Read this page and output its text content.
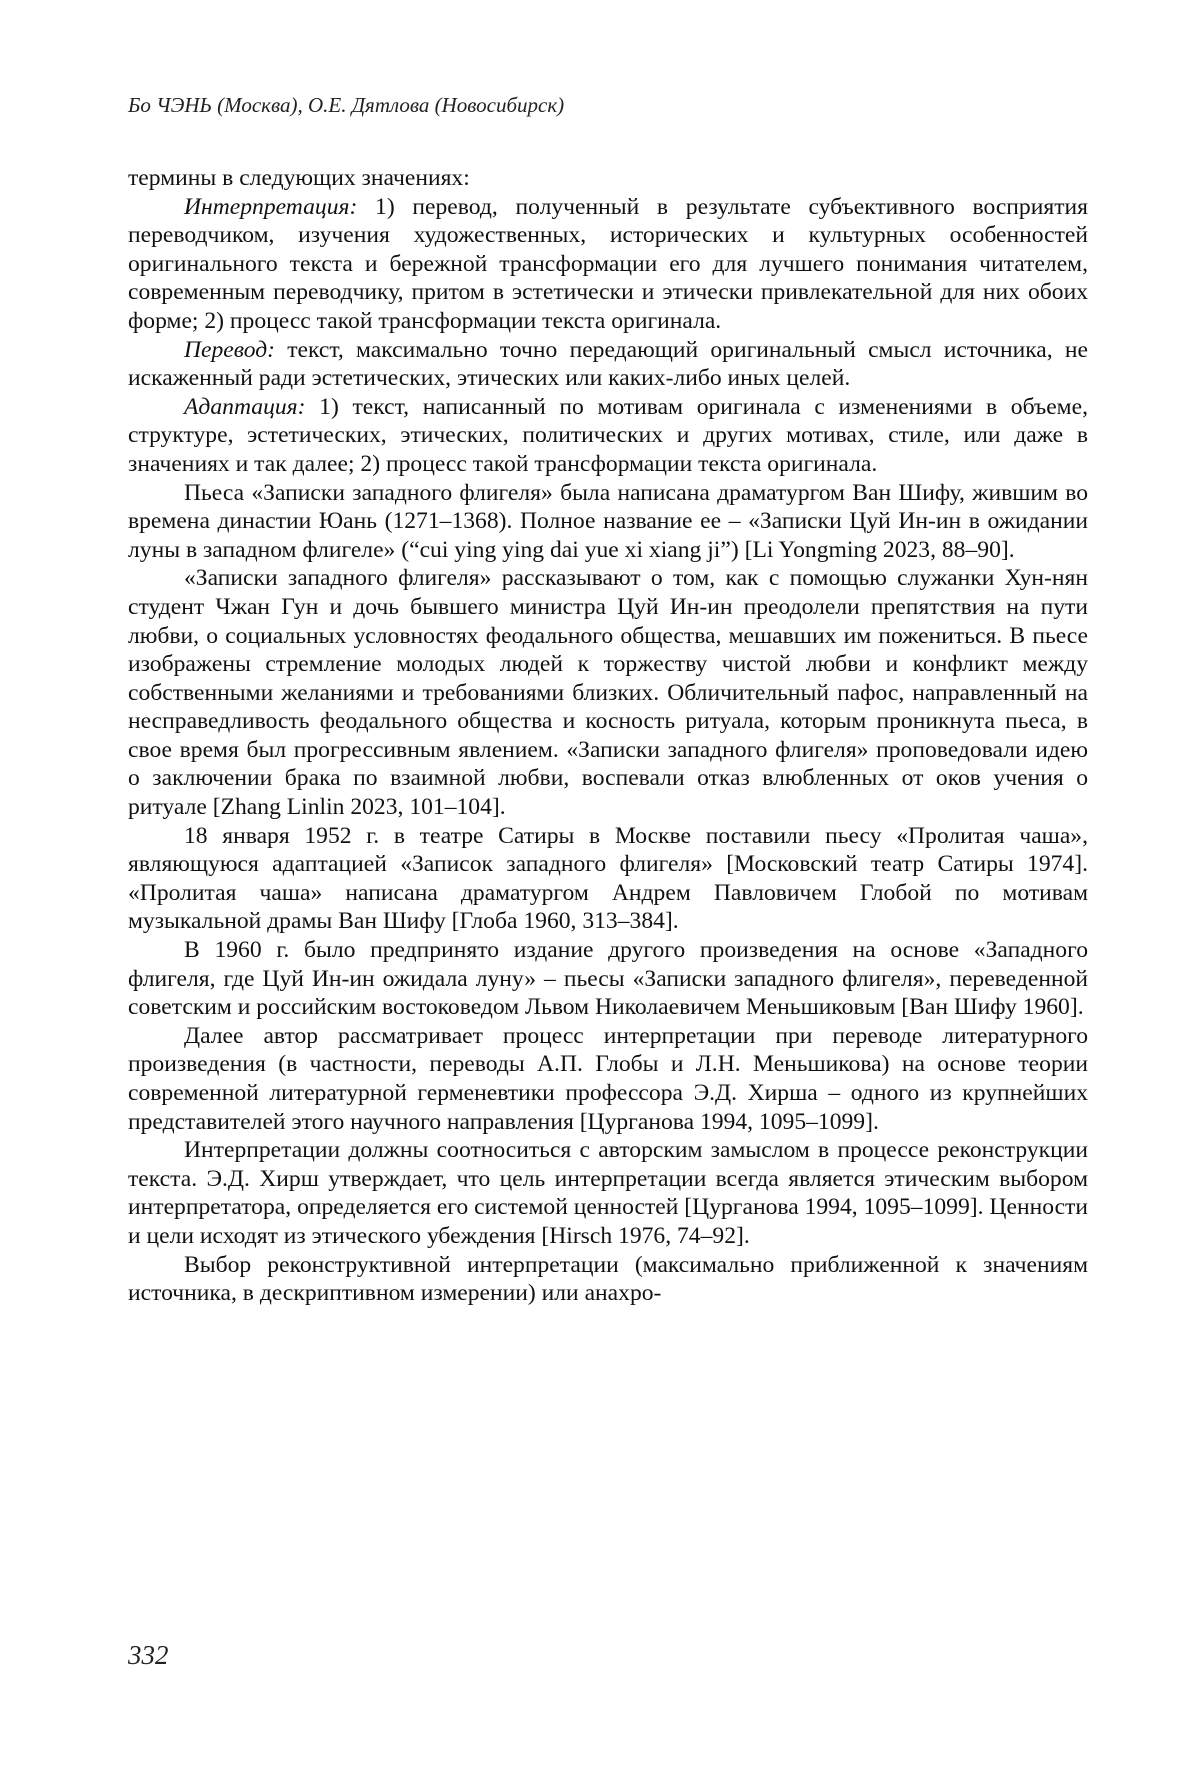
Бо ЧЭНЬ (Москва), О.Е. Дятлова (Новосибирск)

термины в следующих значениях:

Интерпретация: 1) перевод, полученный в результате субъективного восприятия переводчиком, изучения художественных, исторических и культурных особенностей оригинального текста и бережной трансформации его для лучшего понимания читателем, современным переводчику, притом в эстетически и этически привлекательной для них обоих форме; 2) процесс такой трансформации текста оригинала.

Перевод: текст, максимально точно передающий оригинальный смысл источника, не искаженный ради эстетических, этических или каких-либо иных целей.

Адаптация: 1) текст, написанный по мотивам оригинала с изменениями в объеме, структуре, эстетических, этических, политических и других мотивах, стиле, или даже в значениях и так далее; 2) процесс такой трансформации текста оригинала.

Пьеса «Записки западного флигеля» была написана драматургом Ван Шифу, жившим во времена династии Юань (1271–1368). Полное название ее – «Записки Цуй Ин-ин в ожидании луны в западном флигеле» (“cui ying ying dai yue xi xiang ji”) [Li Yongming 2023, 88–90].

«Записки западного флигеля» рассказывают о том, как с помощью служанки Хун-нян студент Чжан Гун и дочь бывшего министра Цуй Ин-ин преодолели препятствия на пути любви, о социальных условностях феодального общества, мешавших им пожениться. В пьесе изображены стремление молодых людей к торжеству чистой любви и конфликт между собственными желаниями и требованиями близких. Обличительный пафос, направленный на несправедливость феодального общества и косность ритуала, которым проникнута пьеса, в свое время был прогрессивным явлением. «Записки западного флигеля» проповедовали идею о заключении брака по взаимной любви, воспевали отказ влюбленных от оков учения о ритуале [Zhang Linlin 2023, 101–104].

18 января 1952 г. в театре Сатиры в Москве поставили пьесу «Пролитая чаша», являющуюся адаптацией «Записок западного флигеля» [Московский театр Сатиры 1974]. «Пролитая чаша» написана драматургом Андрем Павловичем Глобой по мотивам музыкальной драмы Ван Шифу [Глоба 1960, 313–384].

В 1960 г. было предпринято издание другого произведения на основе «Западного флигеля, где Цуй Ин-ин ожидала луну» – пьесы «Записки западного флигеля», переведенной советским и российским востоковедом Львом Николаевичем Меньшиковым [Ван Шифу 1960].

Далее автор рассматривает процесс интерпретации при переводе литературного произведения (в частности, переводы А.П. Глобы и Л.Н. Меньшикова) на основе теории современной литературной герменевтики профессора Э.Д. Хирша – одного из крупнейших представителей этого научного направления [Цурганова 1994, 1095–1099].

Интерпретации должны соотноситься с авторским замыслом в процессе реконструкции текста. Э.Д. Хирш утверждает, что цель интерпретации всегда является этическим выбором интерпретатора, определяется его системой ценностей [Цурганова 1994, 1095–1099]. Ценности и цели исходят из этического убеждения [Hirsch 1976, 74–92].

Выбор реконструктивной интерпретации (максимально приближенной к значениям источника, в дескриптивном измерении) или анахро-

332
